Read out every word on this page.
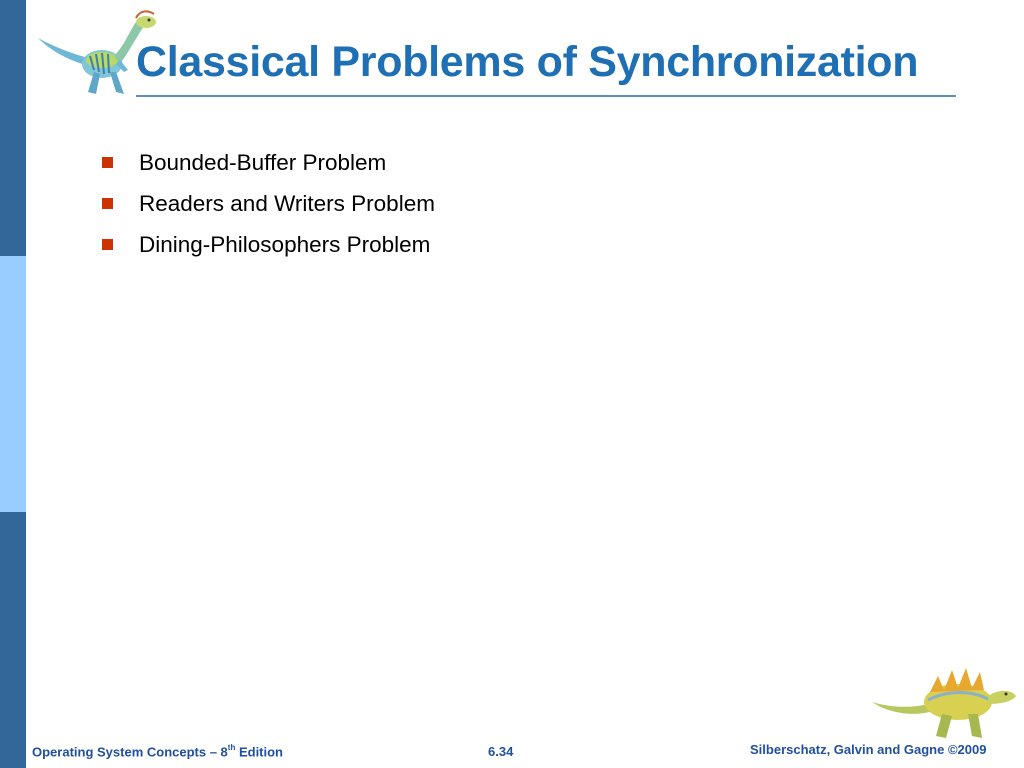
Classical Problems of Synchronization
Bounded-Buffer Problem
Readers and Writers Problem
Dining-Philosophers Problem
Operating System Concepts – 8th Edition	6.34	Silberschatz, Galvin and Gagne ©2009
